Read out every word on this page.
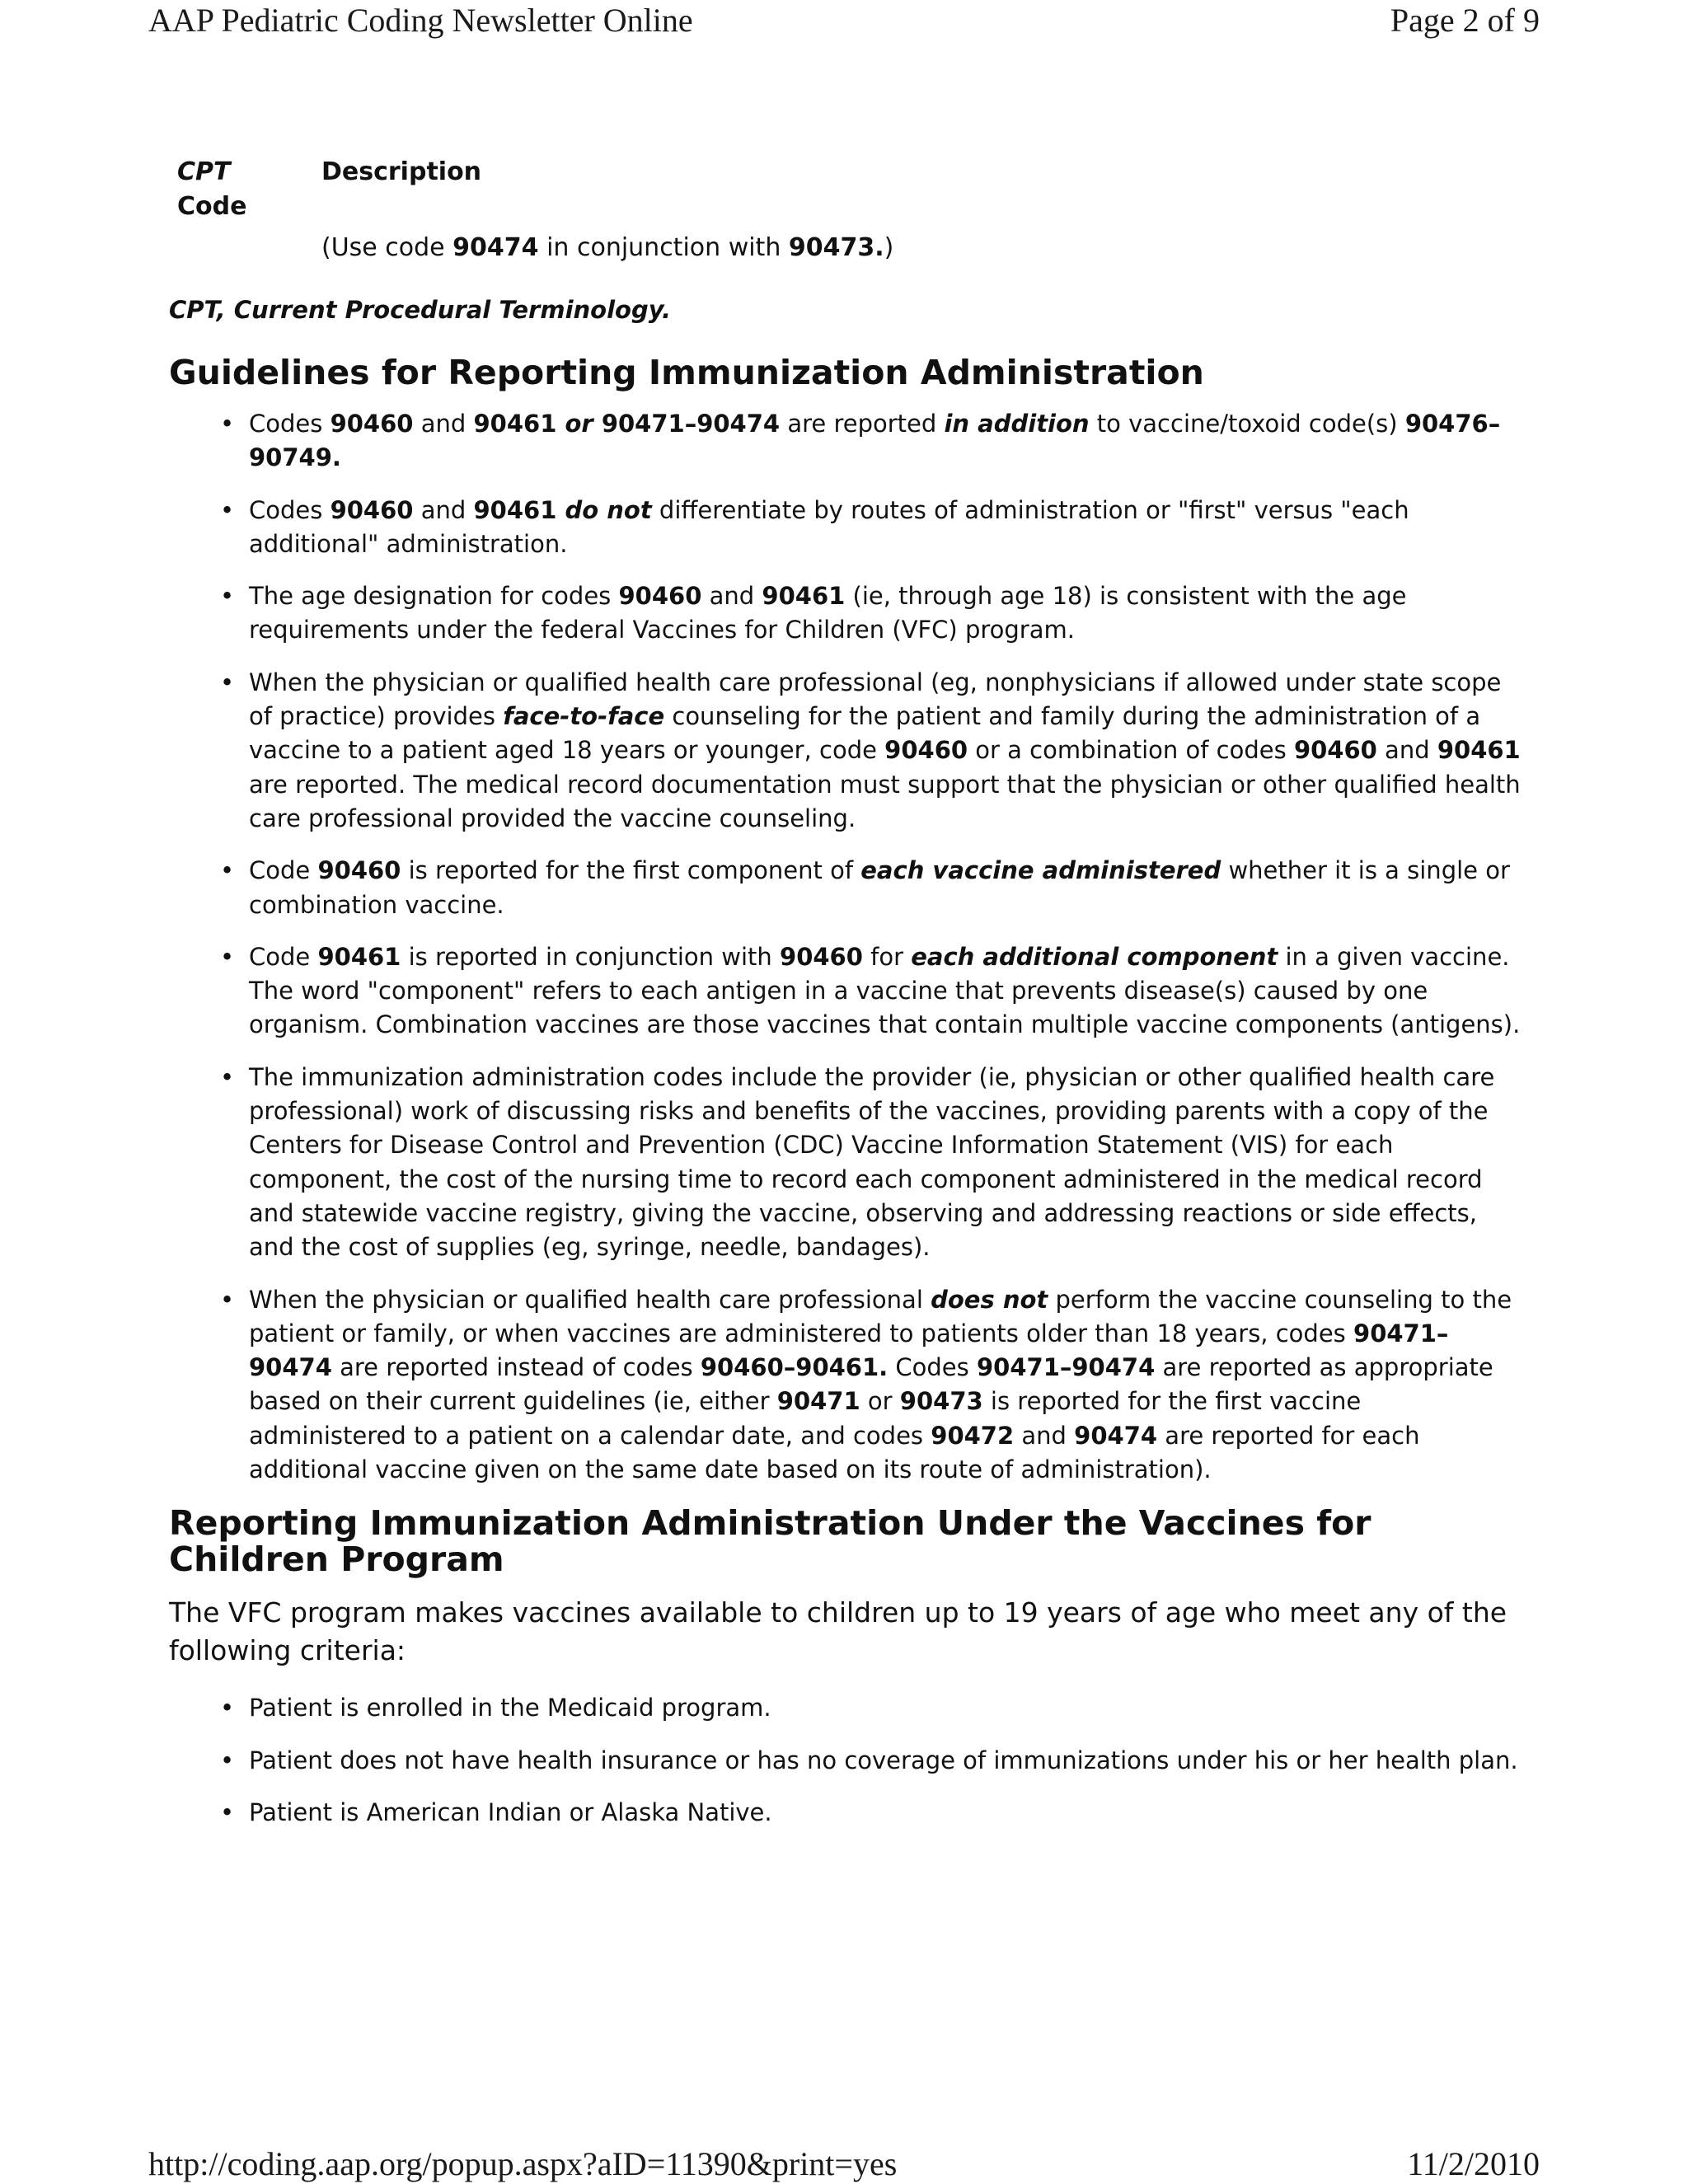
AAP Pediatric Coding Newsletter Online	Page 2 of 9
CPT
Code	Description
	(Use code 90474 in conjunction with 90473.)

CPT, Current Procedural Terminology.

Guidelines for Reporting Immunization Administration
• Codes 90460 and 90461 or 90471–90474 are reported in addition to vaccine/toxoid code(s) 90476–90749.
• Codes 90460 and 90461 do not differentiate by routes of administration or "first" versus "each additional" administration.
• The age designation for codes 90460 and 90461 (ie, through age 18) is consistent with the age requirements under the federal Vaccines for Children (VFC) program.
• When the physician or qualified health care professional (eg, nonphysicians if allowed under state scope of practice) provides face-to-face counseling for the patient and family during the administration of a vaccine to a patient aged 18 years or younger, code 90460 or a combination of codes 90460 and 90461 are reported. The medical record documentation must support that the physician or other qualified health care professional provided the vaccine counseling.
• Code 90460 is reported for the first component of each vaccine administered whether it is a single or combination vaccine.
• Code 90461 is reported in conjunction with 90460 for each additional component in a given vaccine. The word "component" refers to each antigen in a vaccine that prevents disease(s) caused by one organism. Combination vaccines are those vaccines that contain multiple vaccine components (antigens).
• The immunization administration codes include the provider (ie, physician or other qualified health care professional) work of discussing risks and benefits of the vaccines, providing parents with a copy of the Centers for Disease Control and Prevention (CDC) Vaccine Information Statement (VIS) for each component, the cost of the nursing time to record each component administered in the medical record and statewide vaccine registry, giving the vaccine, observing and addressing reactions or side effects, and the cost of supplies (eg, syringe, needle, bandages).
• When the physician or qualified health care professional does not perform the vaccine counseling to the patient or family, or when vaccines are administered to patients older than 18 years, codes 90471–90474 are reported instead of codes 90460–90461. Codes 90471–90474 are reported as appropriate based on their current guidelines (ie, either 90471 or 90473 is reported for the first vaccine administered to a patient on a calendar date, and codes 90472 and 90474 are reported for each additional vaccine given on the same date based on its route of administration).
Reporting Immunization Administration Under the Vaccines for Children Program

The VFC program makes vaccines available to children up to 19 years of age who meet any of the following criteria:

• Patient is enrolled in the Medicaid program.
• Patient does not have health insurance or has no coverage of immunizations under his or her health plan.
• Patient is American Indian or Alaska Native.
http://coding.aap.org/popup.aspx?aID=11390&print=yes	11/2/2010
